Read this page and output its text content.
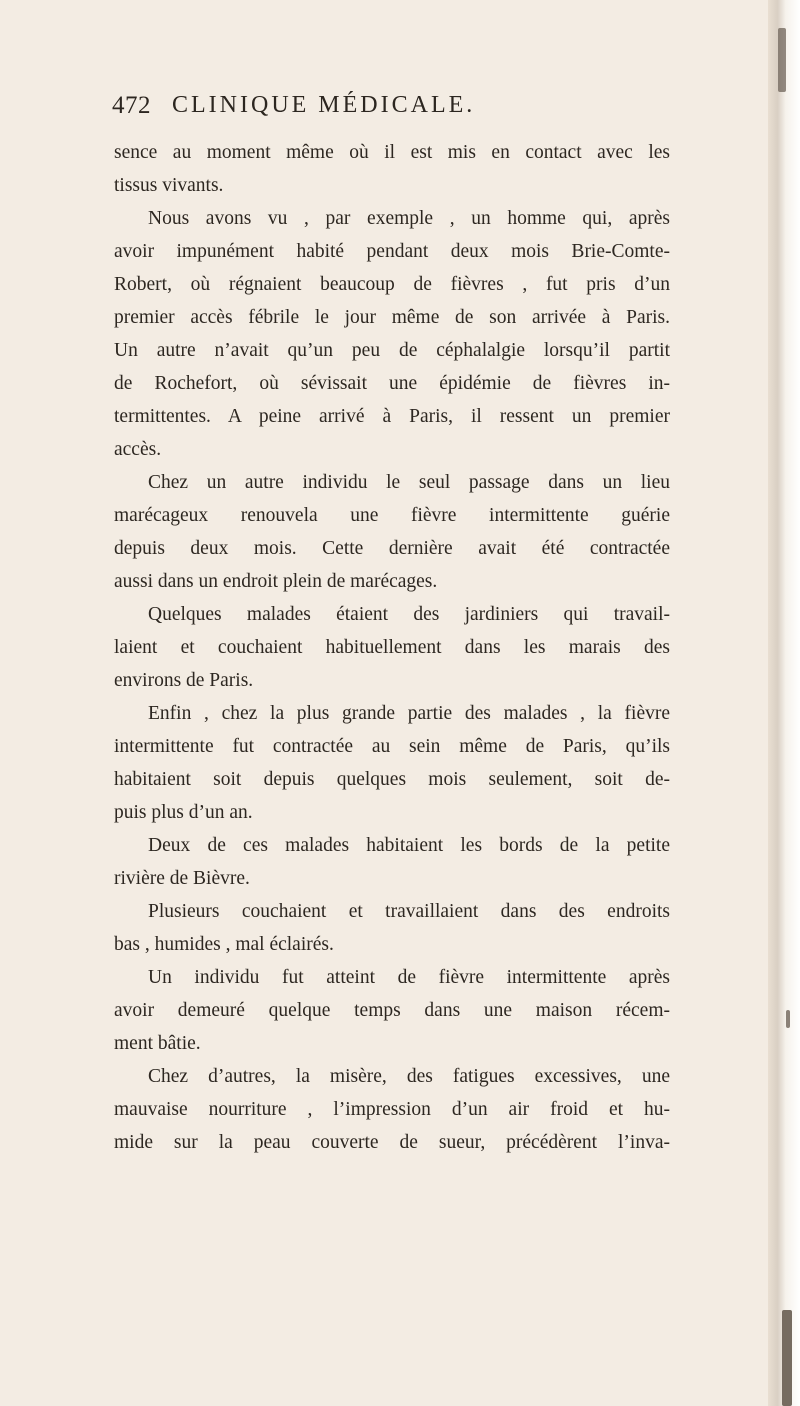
472 CLINIQUE MÉDICALE.
sence au moment même où il est mis en contact avec les
tissus vivants.
Nous avons vu , par exemple , un homme qui, après
avoir impunément habité pendant deux mois Brie-Comte-
Robert, où régnaient beaucoup de fièvres , fut pris d’un
premier accès fébrile le jour même de son arrivée à Paris.
Un autre n’avait qu’un peu de céphalalgie lorsqu’il partit
de Rochefort, où sévissait une épidémie de fièvres in-
termittentes. A peine arrivé à Paris, il ressent un premier
accès.
Chez un autre individu le seul passage dans un lieu
marécageux renouvela une fièvre intermittente guérie
depuis deux mois. Cette dernière avait été contractée
aussi dans un endroit plein de marécages.
Quelques malades étaient des jardiniers qui travail-
laient et couchaient habituellement dans les marais des
environs de Paris.
Enfin , chez la plus grande partie des malades , la fièvre
intermittente fut contractée au sein même de Paris, qu’ils
habitaient soit depuis quelques mois seulement, soit de-
puis plus d’un an.
Deux de ces malades habitaient les bords de la petite
rivière de Bièvre.
Plusieurs couchaient et travaillaient dans des endroits
bas , humides , mal éclairés.
Un individu fut atteint de fièvre intermittente après
avoir demeuré quelque temps dans une maison récem-
ment bâtie.
Chez d’autres, la misère, des fatigues excessives, une
mauvaise nourriture , l’impression d’un air froid et hu-
mide sur la peau couverte de sueur, précédèrent l’inva-
